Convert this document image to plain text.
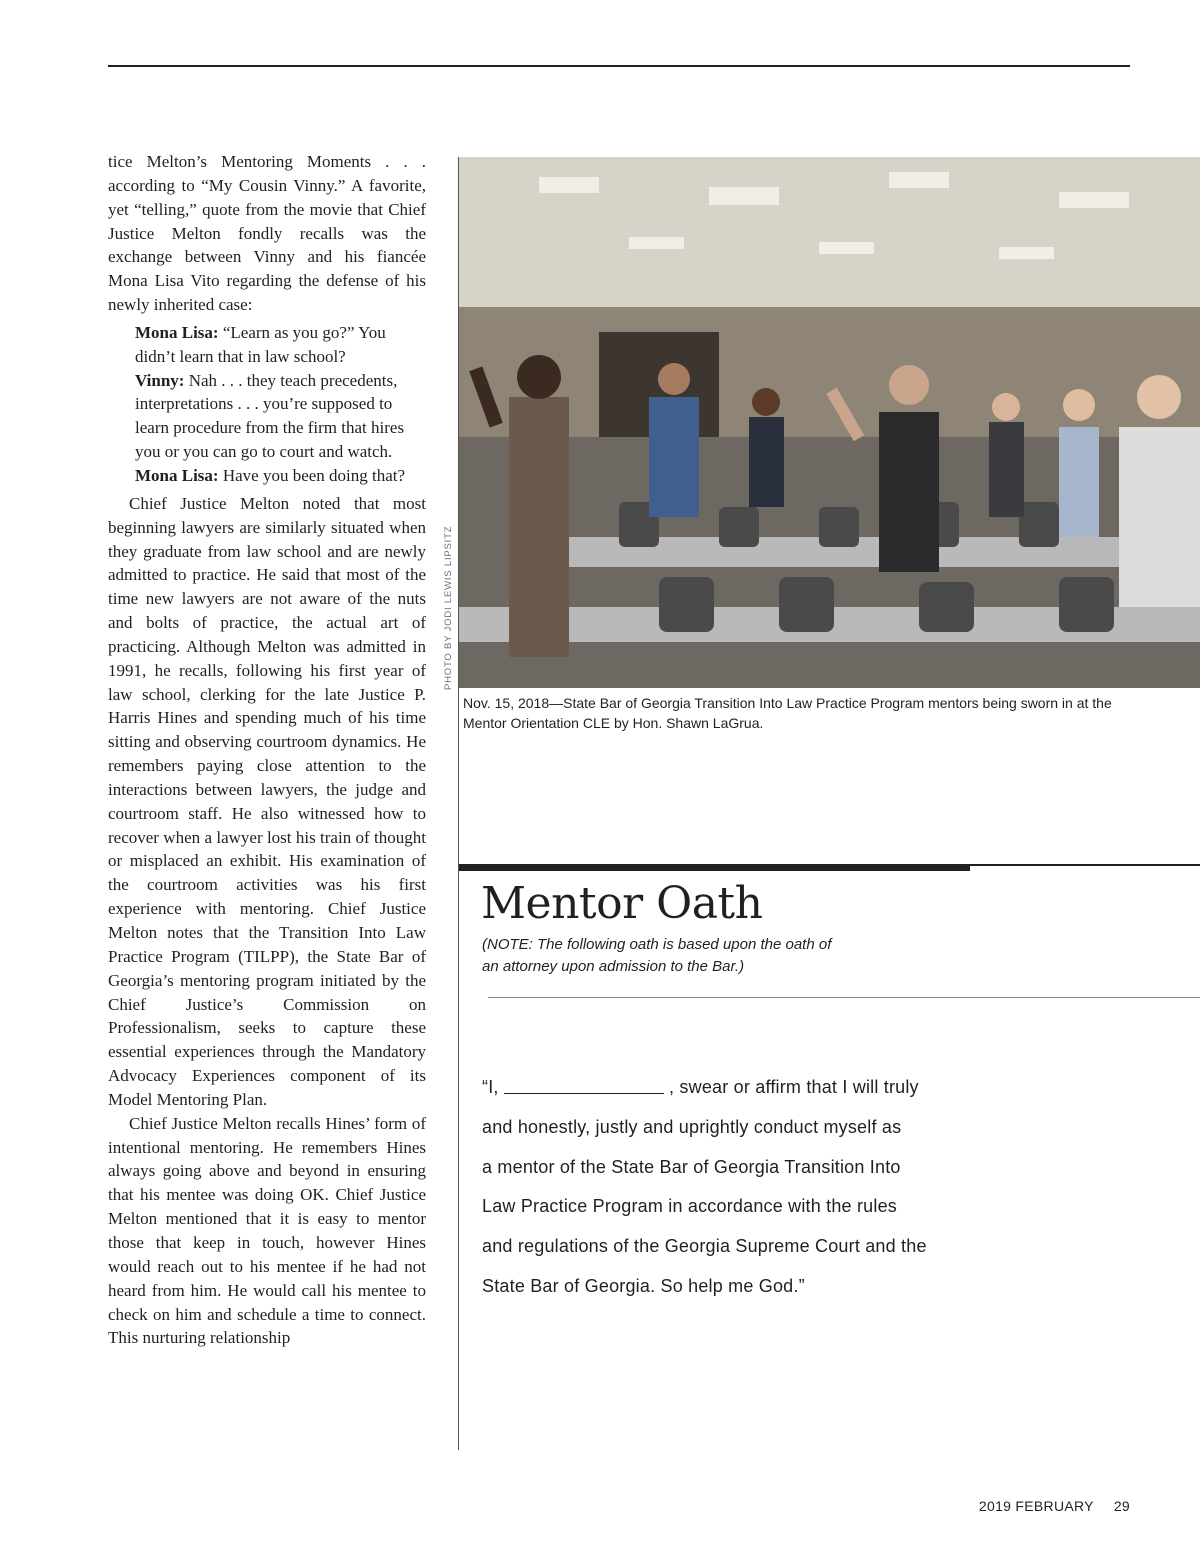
tice Melton’s Mentoring Moments . . . according to “My Cousin Vinny.” A favorite, yet “telling,” quote from the movie that Chief Justice Melton fondly recalls was the exchange between Vinny and his fiancée Mona Lisa Vito regarding the defense of his newly inherited case:

Mona Lisa: “Learn as you go?” You didn’t learn that in law school?
Vinny: Nah . . . they teach precedents, interpretations . . . you’re supposed to learn procedure from the firm that hires you or you can go to court and watch.
Mona Lisa: Have you been doing that?

Chief Justice Melton noted that most beginning lawyers are similarly situated when they graduate from law school and are newly admitted to practice. He said that most of the time new lawyers are not aware of the nuts and bolts of practice, the actual art of practicing. Although Melton was admitted in 1991, he recalls, following his first year of law school, clerking for the late Justice P. Harris Hines and spending much of his time sitting and observing courtroom dynamics. He remembers paying close attention to the interactions between lawyers, the judge and courtroom staff. He also witnessed how to recover when a lawyer lost his train of thought or misplaced an exhibit. His examination of the courtroom activities was his first experience with mentoring. Chief Justice Melton notes that the Transition Into Law Practice Program (TILPP), the State Bar of Georgia’s mentoring program initiated by the Chief Justice’s Commission on Professionalism, seeks to capture these essential experiences through the Mandatory Advocacy Experiences component of its Model Mentoring Plan.

Chief Justice Melton recalls Hines’ form of intentional mentoring. He remembers Hines always going above and beyond in ensuring that his mentee was doing OK. Chief Justice Melton mentioned that it is easy to mentor those that keep in touch, however Hines would reach out to his mentee if he had not heard from him. He would call his mentee to check on him and schedule a time to connect. This nurturing relationship

PHOTO BY JODI LEWIS LIPSITZ
Nov. 15, 2018—State Bar of Georgia Transition Into Law Practice Program mentors being sworn in at the Mentor Orientation CLE by Hon. Shawn LaGrua.
Mentor Oath
(NOTE: The following oath is based upon the oath of an attorney upon admission to the Bar.)
“I,	, swear or affirm that I will truly
and honestly, justly and uprightly conduct myself as
a mentor of the State Bar of Georgia Transition Into
Law Practice Program in accordance with the rules
and regulations of the Georgia Supreme Court and the
State Bar of Georgia. So help me God.”
2019 FEBRUARY 29
